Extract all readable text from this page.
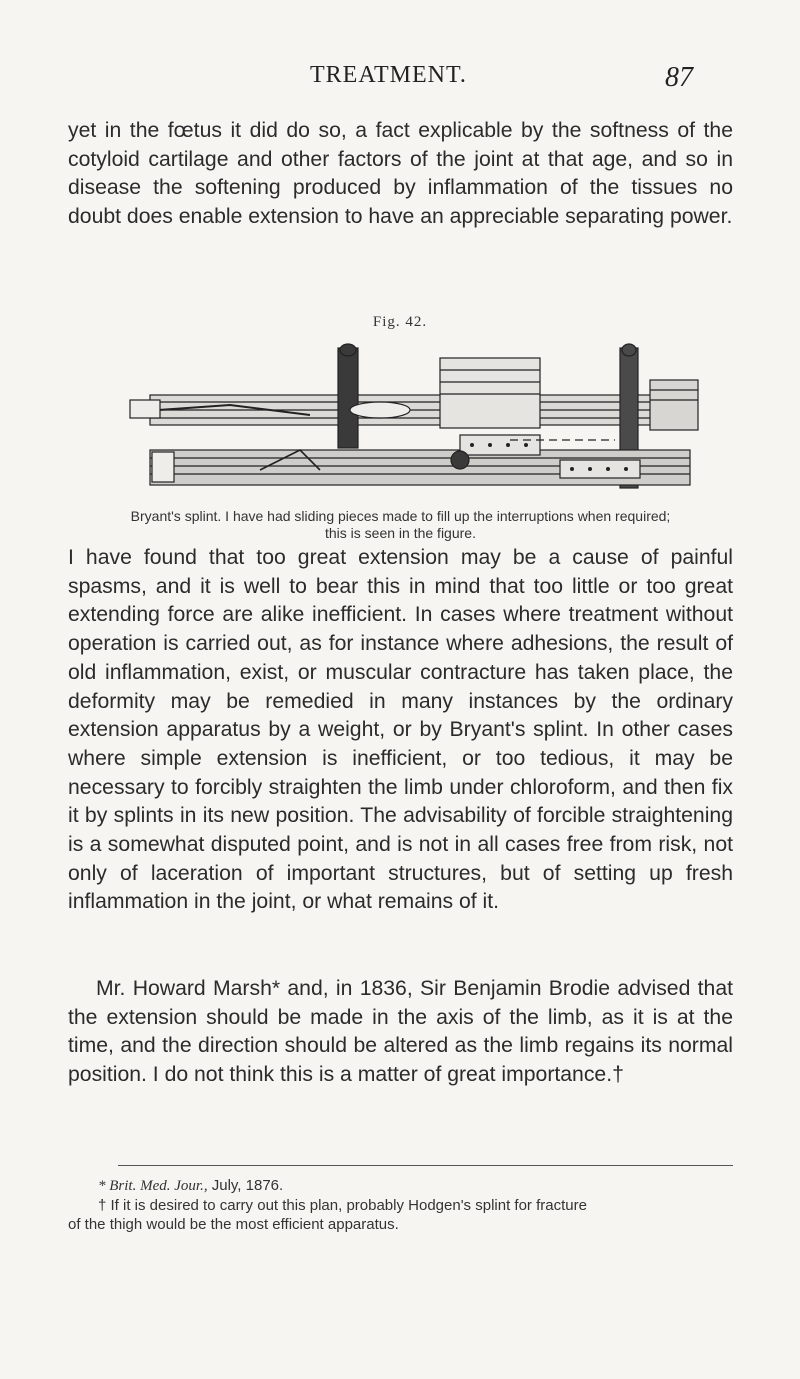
TREATMENT.	87

yet in the fœtus it did do so, a fact explicable by the softness of the cotyloid cartilage and other factors of the joint at that age, and so in disease the softening produced by inflammation of the tissues no doubt does enable extension to have an appreciable separating power.

Fig. 42.
Bryant's splint. I have had sliding pieces made to fill up the interruptions when required;
this is seen in the figure.

I have found that too great extension may be a cause of painful spasms, and it is well to bear this in mind that too little or too great extending force are alike inefficient. In cases where treatment without operation is carried out, as for instance where adhesions, the result of old inflammation, exist, or muscular contracture has taken place, the deformity may be remedied in many instances by the ordinary extension apparatus by a weight, or by Bryant's splint. In other cases where simple extension is inefficient, or too tedious, it may be necessary to forcibly straighten the limb under chloroform, and then fix it by splints in its new position. The advisability of forcible straightening is a somewhat disputed point, and is not in all cases free from risk, not only of laceration of important structures, but of setting up fresh inflammation in the joint, or what remains of it.

Mr. Howard Marsh* and, in 1836, Sir Benjamin Brodie advised that the extension should be made in the axis of the limb, as it is at the time, and the direction should be altered as the limb regains its normal position. I do not think this is a matter of great importance.†

* Brit. Med. Jour., July, 1876.

† If it is desired to carry out this plan, probably Hodgen's splint for fracture

of the thigh would be the most efficient apparatus.
